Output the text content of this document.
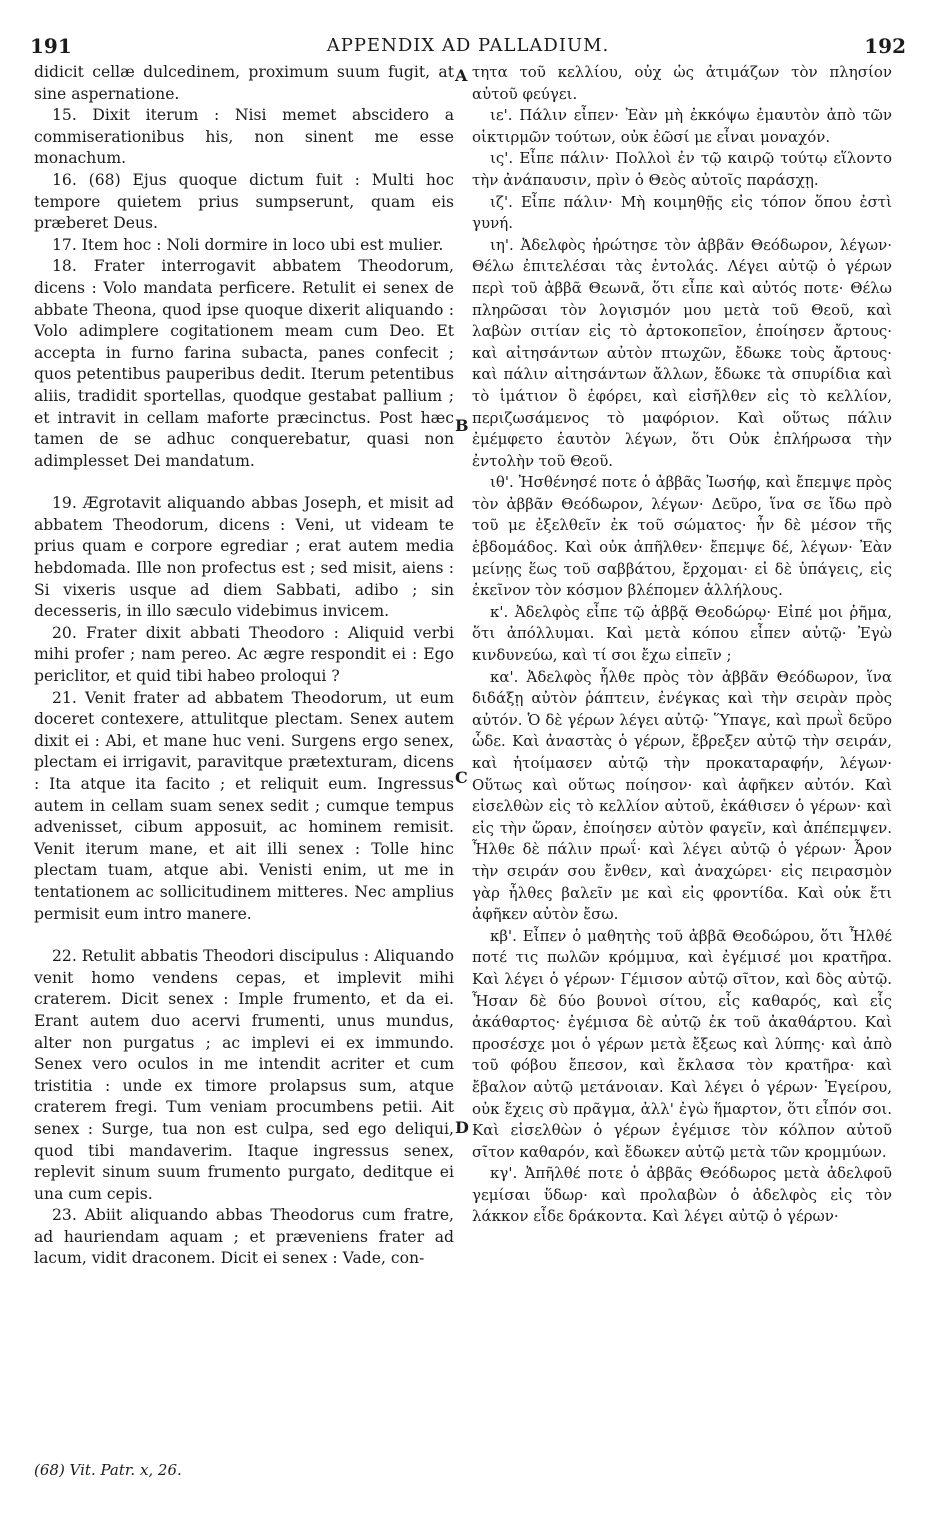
191	APPENDIX AD PALLADIUM.	192

didicit cellæ dulcedinem, proximum suum fugit, at sine aspernatione.

15. Dixit iterum : Nisi memet abscidero a commiserationibus his, non sinent me esse monachum.

16. (68) Ejus quoque dictum fuit : Multi hoc tempore quietem prius sumpserunt, quam eis præberet Deus.

17. Item hoc : Noli dormire in loco ubi est mulier.

18. Frater interrogavit abbatem Theodorum, dicens : Volo mandata perficere. Retulit ei senex de abbate Theona, quod ipse quoque dixerit aliquando : Volo adimplere cogitationem meam cum Deo. Et accepta in furno farina subacta, panes confecit ; quos petentibus pauperibus dedit. Iterum petentibus aliis, tradidit sportellas, quodque gestabat pallium ; et intravit in cellam maforte præcinctus. Post hæc tamen de se adhuc conquerebatur, quasi non adimplesset Dei mandatum.

19. Ægrotavit aliquando abbas Joseph, et misit ad abbatem Theodorum, dicens : Veni, ut videam te prius quam e corpore egrediar ; erat autem media hebdomada. Ille non profectus est ; sed misit, aiens : Si vixeris usque ad diem Sabbati, adibo ; sin decesseris, in illo sæculo videbimus invicem.

20. Frater dixit abbati Theodoro : Aliquid verbi mihi profer ; nam pereo. Ac ægre respondit ei : Ego periclitor, et quid tibi habeo proloqui ?

21. Venit frater ad abbatem Theodorum, ut eum doceret contexere, attulitque plectam. Senex autem dixit ei : Abi, et mane huc veni. Surgens ergo senex, plectam ei irrigavit, paravitque prætexturam, dicens : Ita atque ita facito ; et reliquit eum. Ingressus autem in cellam suam senex sedit ; cumque tempus advenisset, cibum apposuit, ac hominem remisit. Venit iterum mane, et ait illi senex : Tolle hinc plectam tuam, atque abi. Venisti enim, ut me in tentationem ac sollicitudinem mitteres. Nec amplius permisit eum intro manere.

22. Retulit abbatis Theodori discipulus : Aliquando venit homo vendens cepas, et implevit mihi craterem. Dicit senex : Imple frumento, et da ei. Erant autem duo acervi frumenti, unus mundus, alter non purgatus ; ac implevi ei ex immundo. Senex vero oculos in me intendit acriter et cum tristitia : unde ex timore prolapsus sum, atque craterem fregi. Tum veniam procumbens petii. Ait senex : Surge, tua non est culpa, sed ego deliqui, quod tibi mandaverim. Itaque ingressus senex, replevit sinum suum frumento purgato, deditque ei una cum cepis.

23. Abiit aliquando abbas Theodorus cum fratre, ad hauriendam aquam ; et præveniens frater ad lacum, vidit draconem. Dicit ei senex : Vade, con-

τητα τοῦ κελλίου, οὐχ ὡς ἀτιμάζων τὸν πλησίον αὐτοῦ φεύγει.

ιε'. Πάλιν εἶπεν· Ἐὰν μὴ ἐκκόψω ἐμαυτὸν ἀπὸ τῶν οἰκτιρμῶν τούτων, οὐκ ἐῶσί με εἶναι μοναχόν.

ις'. Εἶπε πάλιν· Πολλοὶ ἐν τῷ καιρῷ τούτῳ εἵλοντο τὴν ἀνάπαυσιν, πρὶν ὁ Θεὸς αὐτοῖς παράσχῃ.

ιζ'. Εἶπε πάλιν· Μὴ κοιμηθῇς εἰς τόπον ὅπου ἐστὶ γυνή.

ιη'. Ἀδελφὸς ἠρώτησε τὸν ἀββᾶν Θεόδωρον, λέγων· Θέλω ἐπιτελέσαι τὰς ἐντολάς. Λέγει αὐτῷ ὁ γέρων περὶ τοῦ ἀββᾶ Θεωνᾶ, ὅτι εἶπε καὶ αὐτός ποτε· Θέλω πληρῶσαι τὸν λογισμόν μου μετὰ τοῦ Θεοῦ, καὶ λαβὼν σιτίαν εἰς τὸ ἀρτοκοπεῖον, ἐποίησεν ἄρτους· καὶ αἰτησάντων αὐτὸν πτωχῶν, ἔδωκε τοὺς ἄρτους· καὶ πάλιν αἰτησάντων ἄλλων, ἔδωκε τὰ σπυρίδια καὶ τὸ ἱμάτιον ὃ ἐφόρει, καὶ εἰσῆλθεν εἰς τὸ κελλίον, περιζωσάμενος τὸ μαφόριον. Καὶ οὕτως πάλιν ἐμέμφετο ἑαυτὸν λέγων, ὅτι Οὐκ ἐπλήρωσα τὴν ἐντολὴν τοῦ Θεοῦ.

ιθ'. Ἠσθένησέ ποτε ὁ ἀββᾶς Ἰωσήφ, καὶ ἔπεμψε πρὸς τὸν ἀββᾶν Θεόδωρον, λέγων· Δεῦρο, ἵνα σε ἴδω πρὸ τοῦ με ἐξελθεῖν ἐκ τοῦ σώματος· ἦν δὲ μέσον τῆς ἑβδομάδος. Καὶ οὐκ ἀπῆλθεν· ἔπεμψε δέ, λέγων· Ἐὰν μείνῃς ἕως τοῦ σαββάτου, ἔρχομαι· εἰ δὲ ὑπάγεις, εἰς ἐκεῖνον τὸν κόσμον βλέπομεν ἀλλήλους.

κ'. Ἀδελφὸς εἶπε τῷ ἀββᾷ Θεοδώρῳ· Εἰπέ μοι ῥῆμα, ὅτι ἀπόλλυμαι. Καὶ μετὰ κόπου εἶπεν αὐτῷ· Ἐγὼ κινδυνεύω, καὶ τί σοι ἔχω εἰπεῖν ;

κα'. Ἀδελφὸς ἦλθε πρὸς τὸν ἀββᾶν Θεόδωρον, ἵνα διδάξῃ αὐτὸν ῥάπτειν, ἐνέγκας καὶ τὴν σειρὰν πρὸς αὐτόν. Ὁ δὲ γέρων λέγει αὐτῷ· Ὕπαγε, καὶ πρωῒ δεῦρο ὧδε. Καὶ ἀναστὰς ὁ γέρων, ἔβρεξεν αὐτῷ τὴν σειράν, καὶ ἡτοίμασεν αὐτῷ τὴν προκαταραφήν, λέγων· Οὕτως καὶ οὕτως ποίησον· καὶ ἀφῆκεν αὐτόν. Καὶ εἰσελθὼν εἰς τὸ κελλίον αὐτοῦ, ἐκάθισεν ὁ γέρων· καὶ εἰς τὴν ὥραν, ἐποίησεν αὐτὸν φαγεῖν, καὶ ἀπέπεμψεν. Ἦλθε δὲ πάλιν πρωΐ· καὶ λέγει αὐτῷ ὁ γέρων· Ἆρον τὴν σειράν σου ἔνθεν, καὶ ἀναχώρει· εἰς πειρασμὸν γὰρ ἦλθες βαλεῖν με καὶ εἰς φροντίδα. Καὶ οὐκ ἔτι ἀφῆκεν αὐτὸν ἔσω.

κβ'. Εἶπεν ὁ μαθητὴς τοῦ ἀββᾶ Θεοδώρου, ὅτι Ἦλθέ ποτέ τις πωλῶν κρόμμυα, καὶ ἐγέμισέ μοι κρατῆρα. Καὶ λέγει ὁ γέρων· Γέμισον αὐτῷ σῖτον, καὶ δὸς αὐτῷ. Ἦσαν δὲ δύο βουνοὶ σίτου, εἷς καθαρός, καὶ εἷς ἀκάθαρτος· ἐγέμισα δὲ αὐτῷ ἐκ τοῦ ἀκαθάρτου. Καὶ προσέσχε μοι ὁ γέρων μετὰ ἔξεως καὶ λύπης· καὶ ἀπὸ τοῦ φόβου ἔπεσον, καὶ ἔκλασα τὸν κρατῆρα· καὶ ἔβαλον αὐτῷ μετάνοιαν. Καὶ λέγει ὁ γέρων· Ἐγείρου, οὐκ ἔχεις σὺ πρᾶγμα, ἀλλ' ἐγὼ ἥμαρτον, ὅτι εἶπόν σοι. Καὶ εἰσελθὼν ὁ γέρων ἐγέμισε τὸν κόλπον αὐτοῦ σῖτον καθαρόν, καὶ ἔδωκεν αὐτῷ μετὰ τῶν κρομμύων.

κγ'. Ἀπῆλθέ ποτε ὁ ἀββᾶς Θεόδωρος μετὰ ἀδελφοῦ γεμίσαι ὕδωρ· καὶ προλαβὼν ὁ ἀδελφὸς εἰς τὸν λάκκον εἶδε δράκοντα. Καὶ λέγει αὐτῷ ὁ γέρων·

A
B
C
D
(68) Vit. Patr. x, 26.
